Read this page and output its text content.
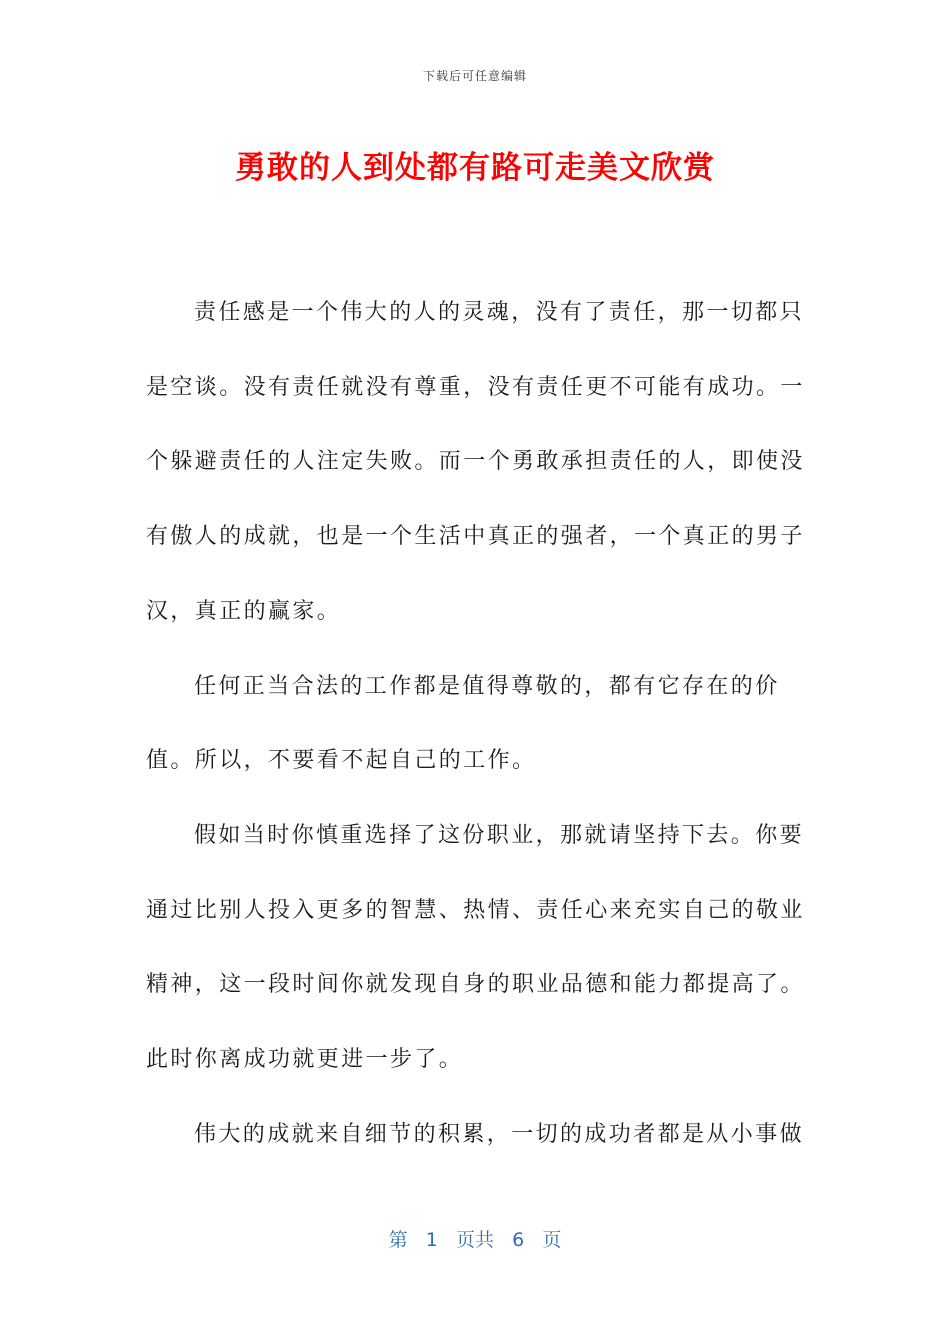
下载后可任意编辑
勇敢的人到处都有路可走美文欣赏

责任感是一个伟大的人的灵魂，没有了责任，那一切都只是空谈。没有责任就没有尊重，没有责任更不可能有成功。一个躲避责任的人注定失败。而一个勇敢承担责任的人，即使没有傲人的成就，也是一个生活中真正的强者，一个真正的男子汉，真正的赢家。

任何正当合法的工作都是值得尊敬的，都有它存在的价值。所以，不要看不起自己的工作。

假如当时你慎重选择了这份职业，那就请坚持下去。你要通过比别人投入更多的智慧、热情、责任心来充实自己的敬业精神，这一段时间你就发现自身的职业品德和能力都提高了。此时你离成功就更进一步了。

伟大的成就来自细节的积累，一切的成功者都是从小事做

第 1 页共 6 页
